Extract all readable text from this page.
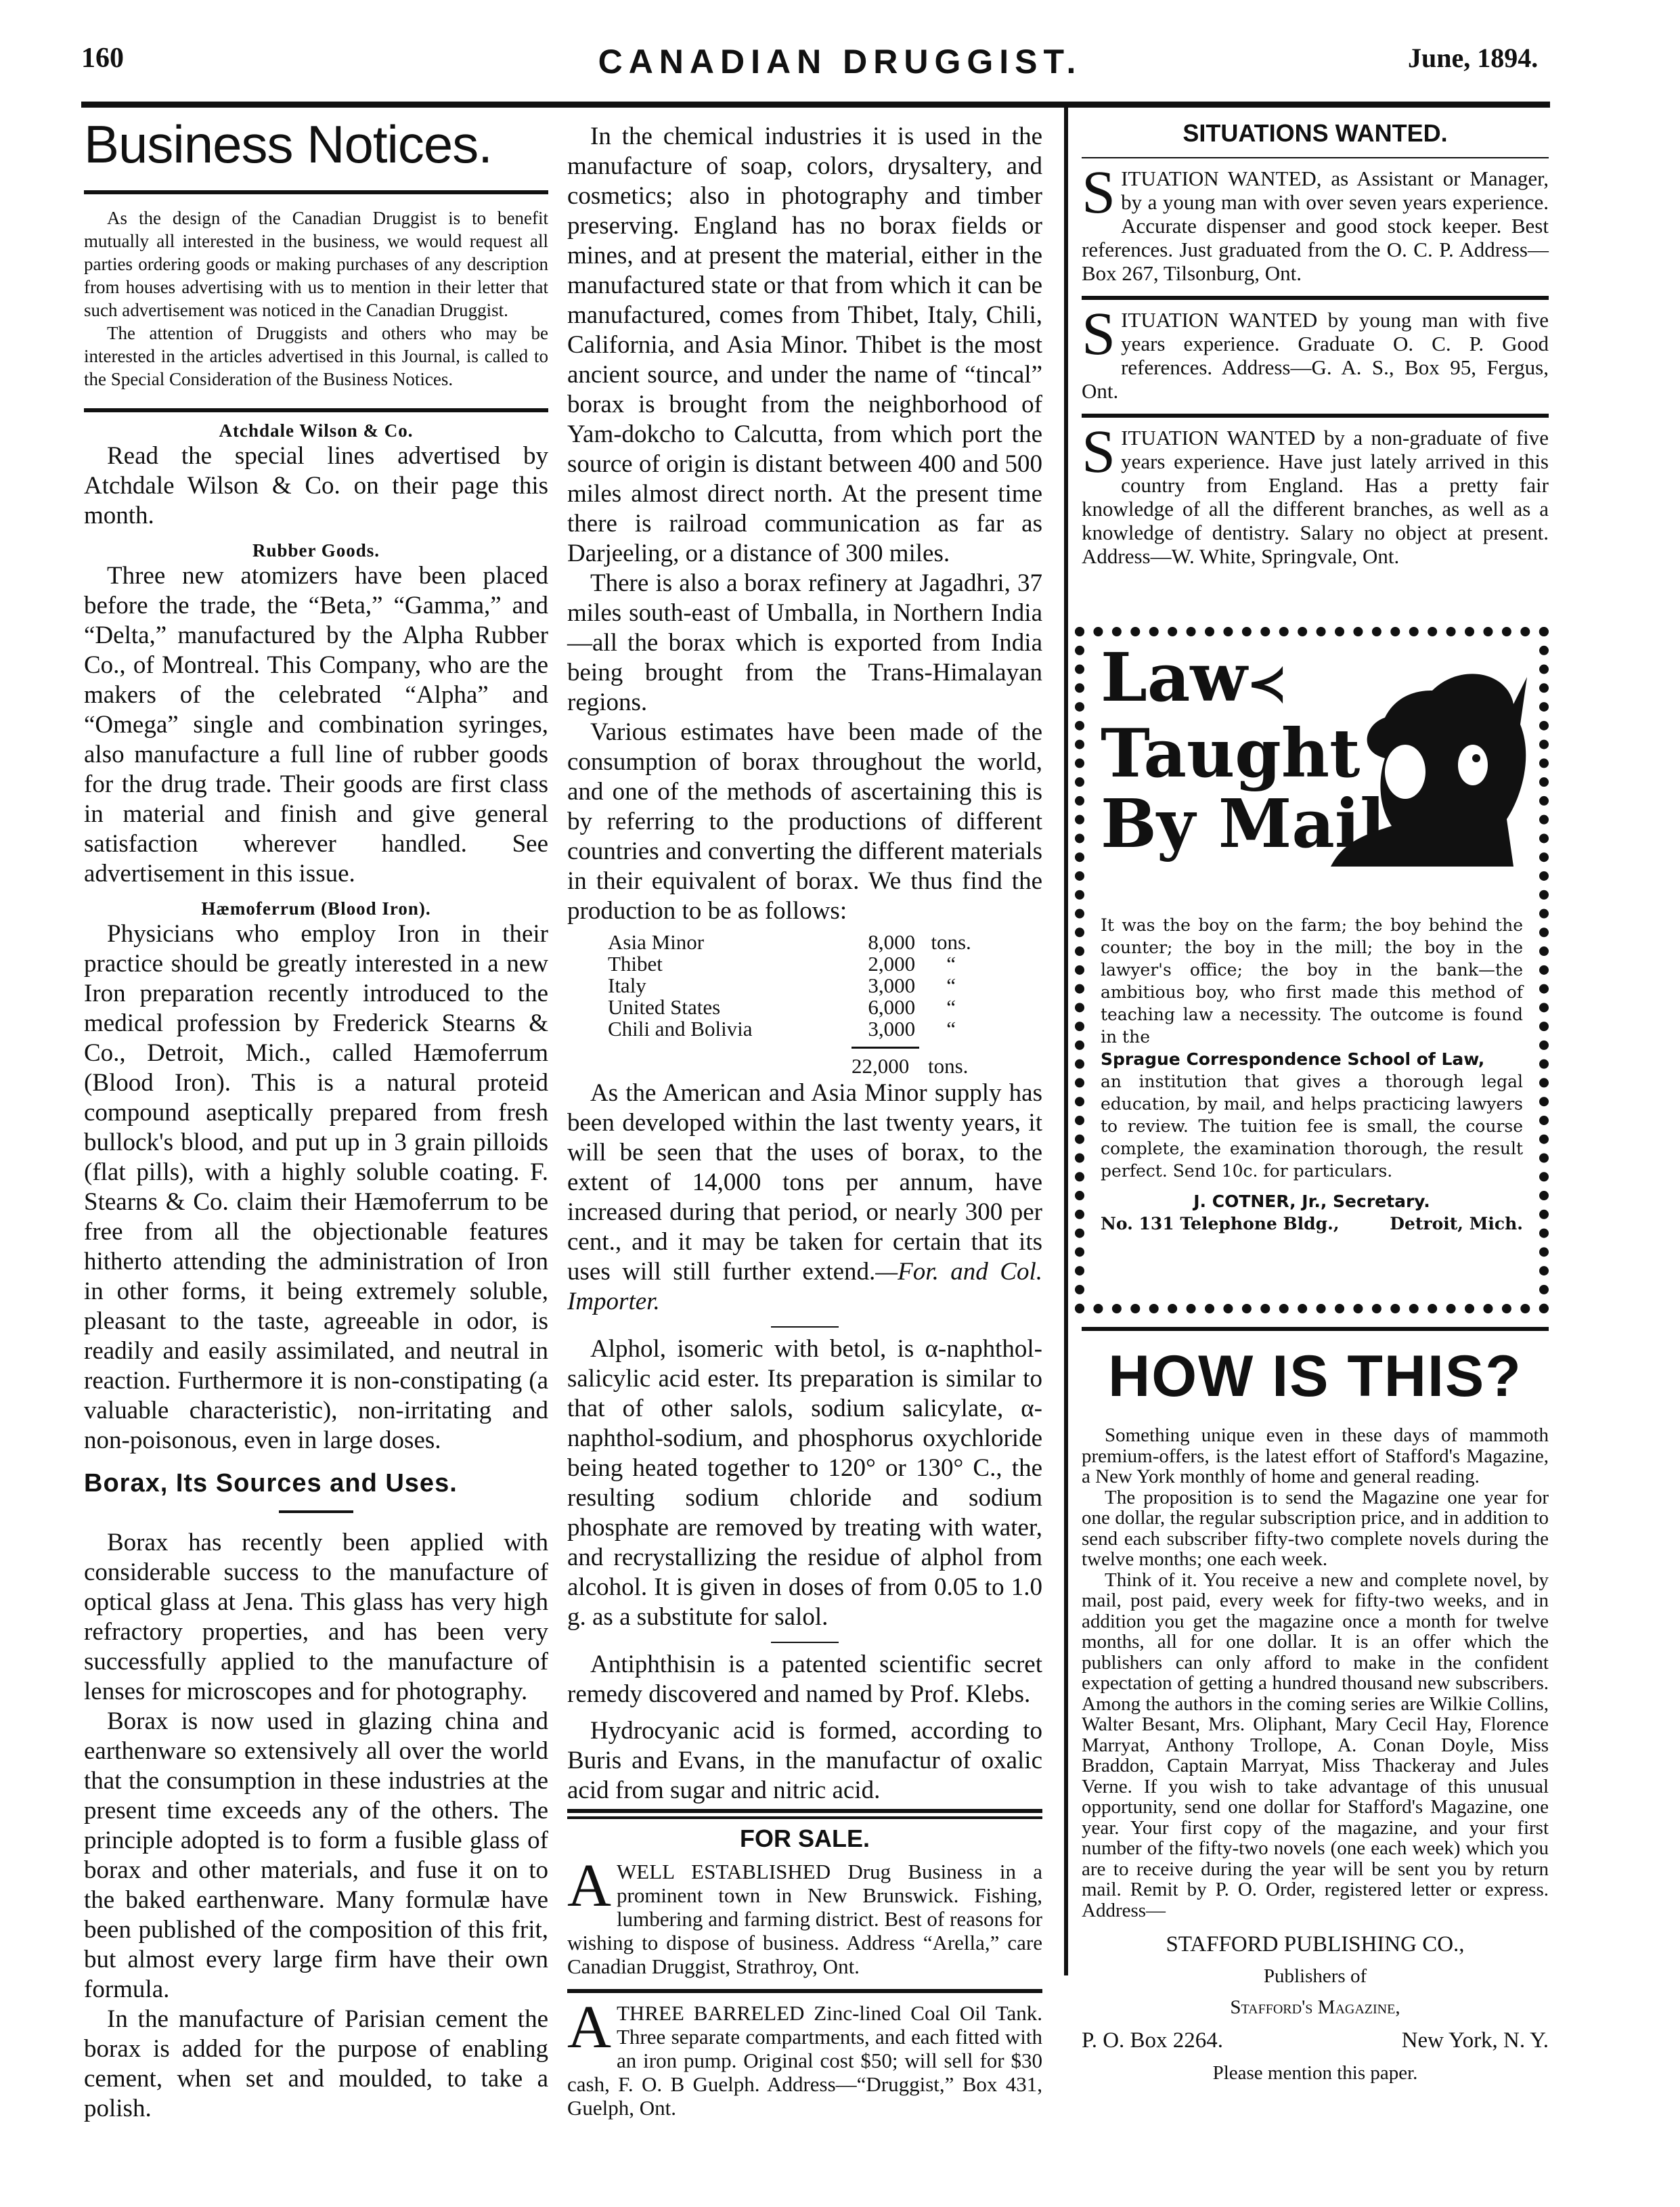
160	CANADIAN DRUGGIST.	June, 1894.
Business Notices.

As the design of the Canadian Druggist is to benefit mutually all interested in the business, we would request all parties ordering goods or making purchases of any description from houses advertising with us to mention in their letter that such advertisement was noticed in the Canadian Druggist.

The attention of Druggists and others who may be interested in the articles advertised in this Journal, is called to the Special Consideration of the Business Notices.

Atchdale Wilson & Co.

Read the special lines advertised by Atchdale Wilson & Co. on their page this month.

Rubber Goods.

Three new atomizers have been placed before the trade, the “Beta,” “Gamma,” and “Delta,” manufactured by the Alpha Rubber Co., of Montreal. This Company, who are the makers of the celebrated “Alpha” and “Omega” single and combination syringes, also manufacture a full line of rubber goods for the drug trade. Their goods are first class in material and finish and give general satisfaction wherever handled. See advertisement in this issue.

Hæmoferrum (Blood Iron).

Physicians who employ Iron in their practice should be greatly interested in a new Iron preparation recently introduced to the medical profession by Frederick Stearns & Co., Detroit, Mich., called Hæmoferrum (Blood Iron). This is a natural proteid compound aseptically prepared from fresh bullock's blood, and put up in 3 grain pilloids (flat pills), with a highly soluble coating. F. Stearns & Co. claim their Hæmoferrum to be free from all the objectionable features hitherto attending the administration of Iron in other forms, it being extremely soluble, pleasant to the taste, agreeable in odor, is readily and easily assimilated, and neutral in reaction. Furthermore it is non-constipating (a valuable characteristic), non-irritating and non-poisonous, even in large doses.

Borax, Its Sources and Uses.

Borax has recently been applied with considerable success to the manufacture of optical glass at Jena. This glass has very high refractory properties, and has been very successfully applied to the manufacture of lenses for microscopes and for photography.

Borax is now used in glazing china and earthenware so extensively all over the world that the consumption in these industries at the present time exceeds any of the others. The principle adopted is to form a fusible glass of borax and other materials, and fuse it on to the baked earthenware. Many formulæ have been published of the composition of this frit, but almost every large firm have their own formula.

In the manufacture of Parisian cement the borax is added for the purpose of enabling cement, when set and moulded, to take a polish.

In the chemical industries it is used in the manufacture of soap, colors, drysaltery, and cosmetics; also in photography and timber preserving. England has no borax fields or mines, and at present the material, either in the manufactured state or that from which it can be manufactured, comes from Thibet, Italy, Chili, California, and Asia Minor. Thibet is the most ancient source, and under the name of “tincal” borax is brought from the neighborhood of Yam-dokcho to Calcutta, from which port the source of origin is distant between 400 and 500 miles almost direct north. At the present time there is railroad communication as far as Darjeeling, or a distance of 300 miles.

There is also a borax refinery at Jagadhri, 37 miles south-east of Umballa, in Northern India—all the borax which is exported from India being brought from the Trans-Himalayan regions.

Various estimates have been made of the consumption of borax throughout the world, and one of the methods of ascertaining this is by referring to the productions of different countries and converting the different materials in their equivalent of borax. We thus find the production to be as follows:

Asia Minor	8,000	tons.
Thibet	2,000	“
Italy	3,000	“
United States	6,000	“
Chili and Bolivia	3,000	“
22,000 tons.

As the American and Asia Minor supply has been developed within the last twenty years, it will be seen that the uses of borax, to the extent of 14,000 tons per annum, have increased during that period, or nearly 300 per cent., and it may be taken for certain that its uses will still further extend.—For. and Col. Importer.

Alphol, isomeric with betol, is α-naphthol-salicylic acid ester. Its preparation is similar to that of other salols, sodium salicylate, α-naphthol-sodium, and phosphorus oxychloride being heated together to 120° or 130° C., the resulting sodium chloride and sodium phosphate are removed by treating with water, and recrystallizing the residue of alphol from alcohol. It is given in doses of from 0.05 to 1.0 g. as a substitute for salol.

Antiphthisin is a patented scientific secret remedy discovered and named by Prof. Klebs.

Hydrocyanic acid is formed, according to Buris and Evans, in the manufactur of oxalic acid from sugar and nitric acid.

FOR SALE.
A WELL ESTABLISHED Drug Business in a prominent town in New Brunswick. Fishing, lumbering and farming district. Best of reasons for wishing to dispose of business. Address “Arella,” care Canadian Druggist, Strathroy, Ont.

A THREE BARRELED Zinc-lined Coal Oil Tank. Three separate compartments, and each fitted with an iron pump. Original cost $50; will sell for $30 cash, F. O. B Guelph. Address—“Druggist,” Box 431, Guelph, Ont.

SITUATIONS WANTED.
S ITUATION WANTED, as Assistant or Manager, by a young man with over seven years experience. Accurate dispenser and good stock keeper. Best references. Just graduated from the O. C. P. Address—Box 267, Tilsonburg, Ont.

S ITUATION WANTED by young man with five years experience. Graduate O. C. P. Good references. Address—G. A. S., Box 95, Fergus, Ont.

S ITUATION WANTED by a non-graduate of five years experience. Have just lately arrived in this country from England. Has a pretty fair knowledge of all the different branches, as well as a knowledge of dentistry. Salary no object at present. Address—W. White, Springvale, Ont.

Law≺
Taught
By Mail
It was the boy on the farm; the boy behind the counter; the boy in the mill; the boy in the lawyer's office; the boy in the bank—the ambitious boy, who first made this method of teaching law a necessity. The outcome is found in the
Sprague Correspondence School of Law,
an institution that gives a thorough legal education, by mail, and helps practicing lawyers to review. The tuition fee is small, the course complete, the examination thorough, the result perfect. Send 10c. for particulars.
J. COTNER, Jr., Secretary.
No. 131 Telephone Bldg.,	Detroit, Mich.
HOW IS THIS?

Something unique even in these days of mammoth premium-offers, is the latest effort of Stafford's Magazine, a New York monthly of home and general reading.

The proposition is to send the Magazine one year for one dollar, the regular subscription price, and in addition to send each subscriber fifty-two complete novels during the twelve months; one each week.

Think of it. You receive a new and complete novel, by mail, post paid, every week for fifty-two weeks, and in addition you get the magazine once a month for twelve months, all for one dollar. It is an offer which the publishers can only afford to make in the confident expectation of getting a hundred thousand new subscribers. Among the authors in the coming series are Wilkie Collins, Walter Besant, Mrs. Oliphant, Mary Cecil Hay, Florence Marryat, Anthony Trollope, A. Conan Doyle, Miss Braddon, Captain Marryat, Miss Thackeray and Jules Verne. If you wish to take advantage of this unusual opportunity, send one dollar for Stafford's Magazine, one year. Your first copy of the magazine, and your first number of the fifty-two novels (one each week) which you are to receive during the year will be sent you by return mail. Remit by P. O. Order, registered letter or express. Address—

STAFFORD PUBLISHING CO.,

Publishers of

Stafford's Magazine,

P. O. Box 2264.	New York, N. Y.

Please mention this paper.
